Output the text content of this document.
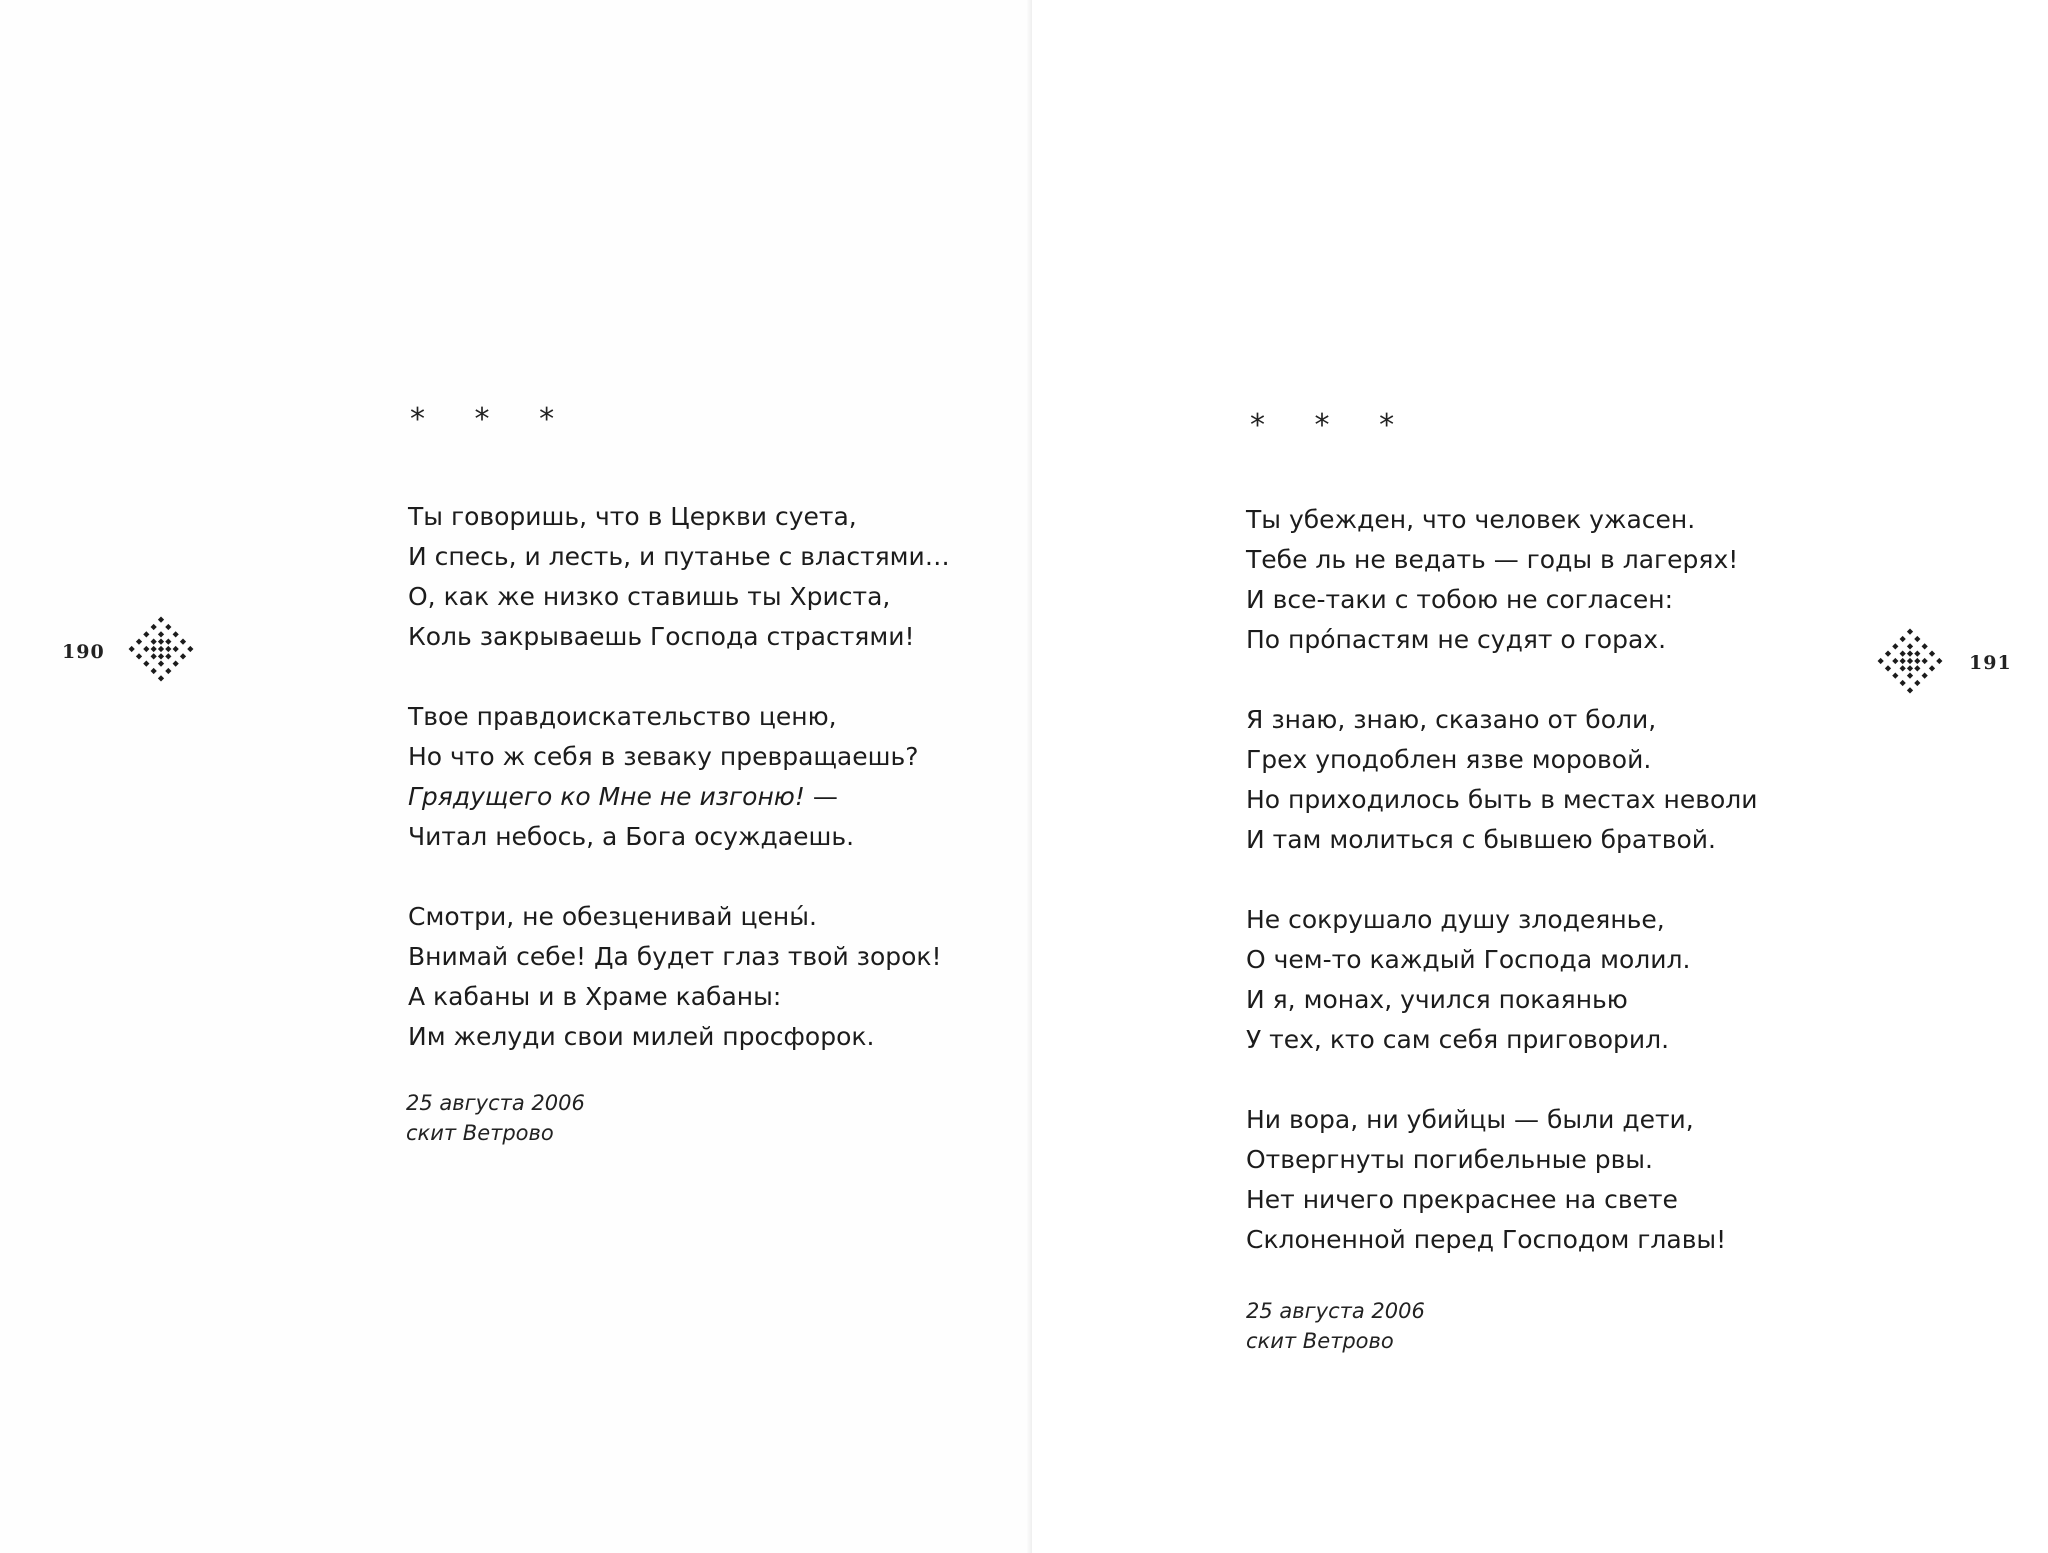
190
* * *
Ты говоришь, что в Церкви суета,
И спесь, и лесть, и путанье с властями…
О, как же низко ставишь ты Христа,
Коль закрываешь Господа страстями!
Твое правдоискательство ценю,
Но что ж себя в зеваку превращаешь?
Грядущего ко Мне не изгоню! —
Читал небось, а Бога осуждаешь.
Смотри, не обезценивай цены́.
Внимай себе! Да будет глаз твой зорок!
А кабаны и в Храме кабаны:
Им желуди свои милей просфорок.
25 августа 2006
скит Ветрово
* * *
Ты убежден, что человек ужасен.
Тебе ль не ведать — годы в лагерях!
И все-таки с тобою не согласен:
По про́пастям не судят о горах.
Я знаю, знаю, сказано от боли,
Грех уподоблен язве моровой.
Но приходилось быть в местах неволи
И там молиться с бывшею братвой.
Не сокрушало душу злодеянье,
О чем-то каждый Господа молил.
И я, монах, учился покаянью
У тех, кто сам себя приговорил.
Ни вора, ни убийцы — были дети,
Отвергнуты погибельные рвы.
Нет ничего прекраснее на свете
Склоненной перед Господом главы!
25 августа 2006
скит Ветрово
191
